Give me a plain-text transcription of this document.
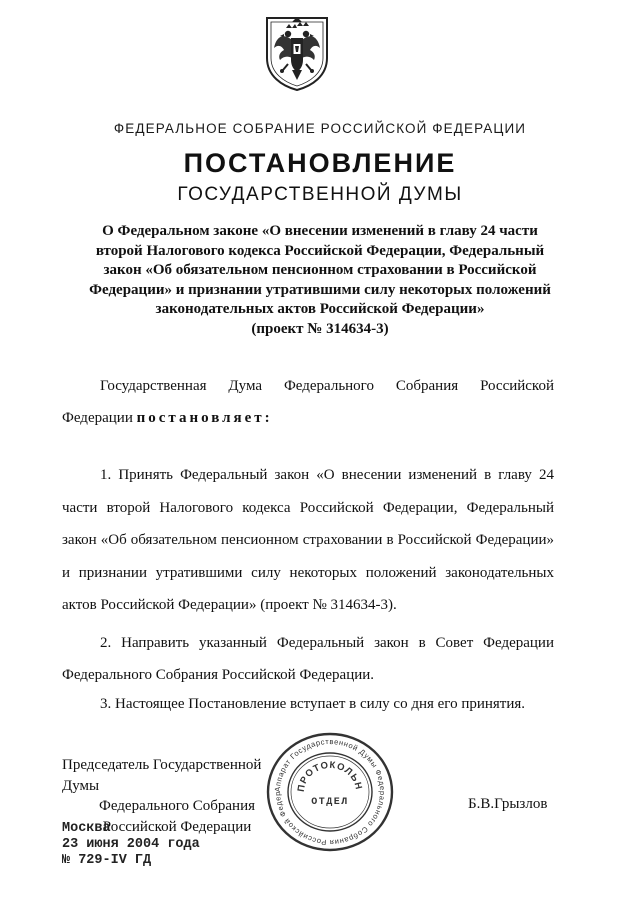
ФЕДЕРАЛЬНОЕ СОБРАНИЕ РОССИЙСКОЙ ФЕДЕРАЦИИ
ПОСТАНОВЛЕНИЕ
ГОСУДАРСТВЕННОЙ ДУМЫ
О Федеральном законе «О внесении изменений в главу 24 части
второй Налогового кодекса Российской Федерации, Федеральный
закон «Об обязательном пенсионном страховании в Российской
Федерации» и признании утратившими силу некоторых положений
законодательных актов Российской Федерации»
(проект № 314634-3)
Государственная Дума Федерального Собрания Российской Федерации постановляет:
1. Принять Федеральный закон «О внесении изменений в главу 24 части второй Налогового кодекса Российской Федерации, Федеральный закон «Об обязательном пенсионном страховании в Российской Федерации» и признании утратившими силу некоторых положений законодательных актов Российской Федерации» (проект № 314634-3).
2. Направить указанный Федеральный закон в Совет Федерации Федерального Собрания Российской Федерации.
3. Настоящее Постановление вступает в силу со дня его принятия.
Председатель Государственной Думы
Федерального Собрания
Российской Федерации
Аппарат Государственной Думы Федерального Собрания Российской Федер
ПРОТОКОЛЬН
ОТДЕЛ	Б.В.Грызлов
Москва
23 июня 2004 года
№ 729-IV ГД
